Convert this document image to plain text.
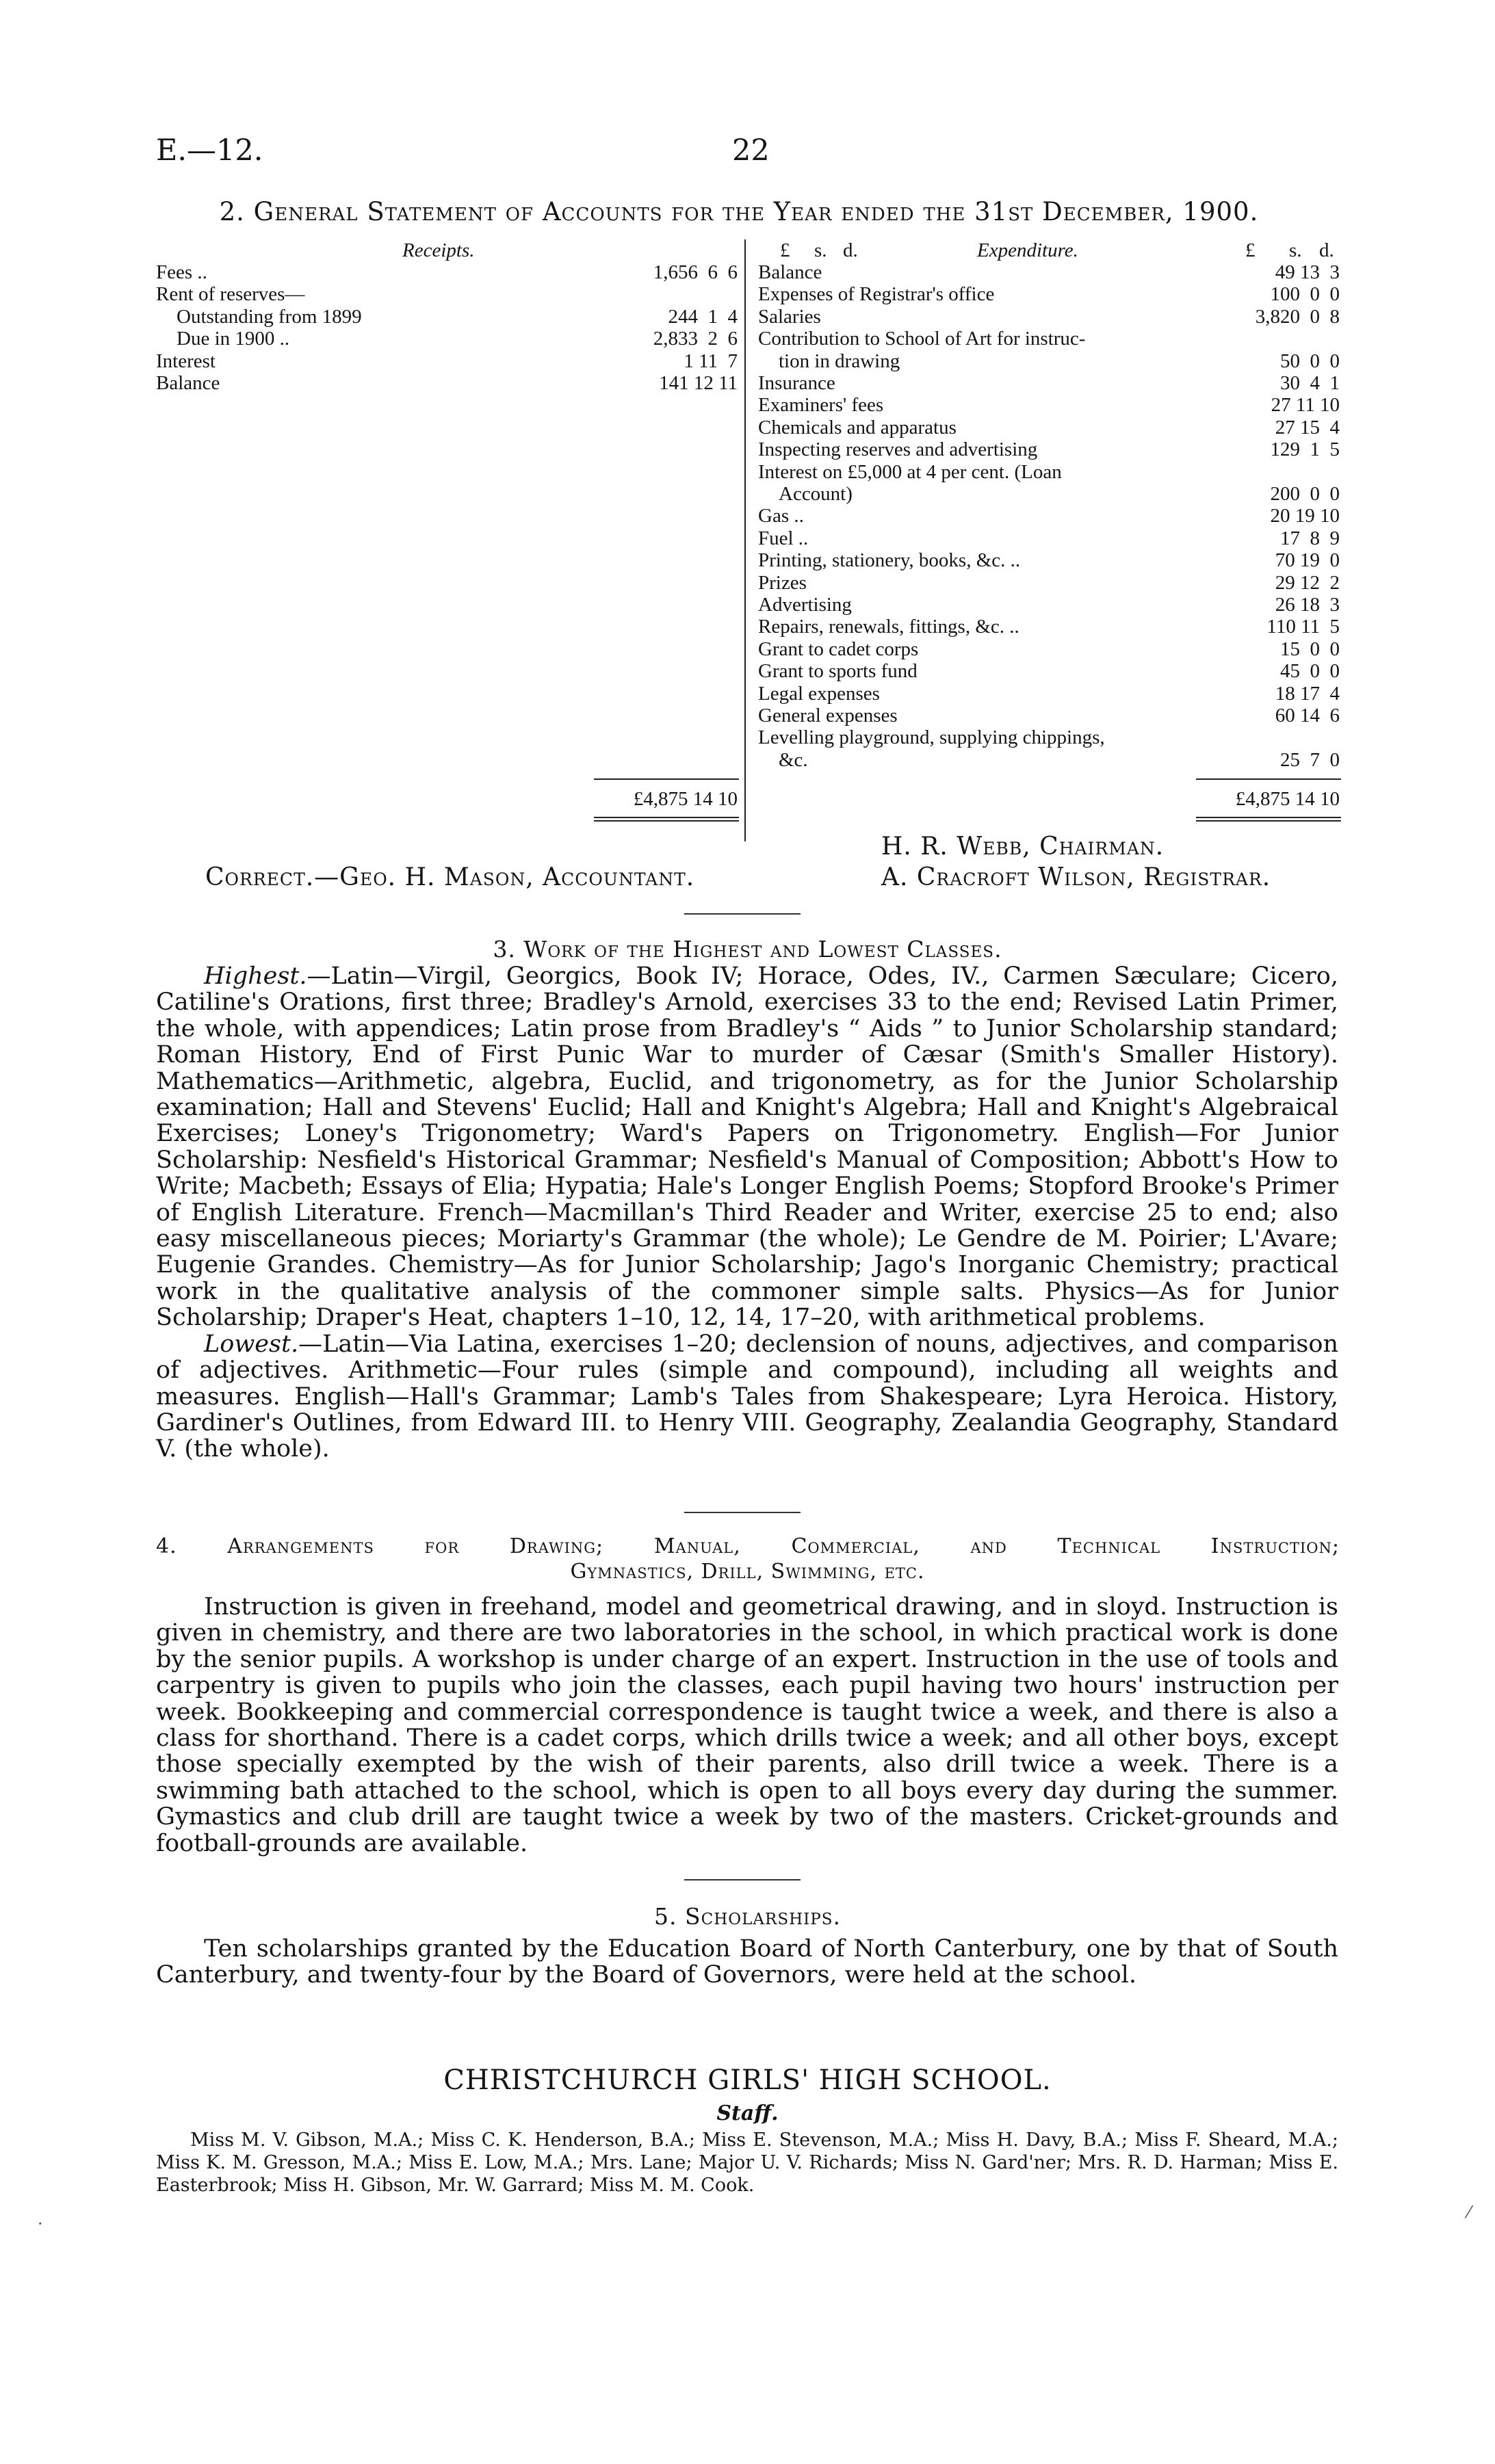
E.—12.	22
2. General Statement of Accounts for the Year ended the 31st December, 1900.
Receipts.	£ s. d.
Fees ..	1,656  6  6
Rent of reserves—
Outstanding from 1899	244  1  4
Due in 1900 ..	2,833  2  6
Interest	1 11  7
Balance	141 12 11
Expenditure.	£ s. d.
Balance	49 13  3
Expenses of Registrar's office	100  0  0
Salaries	3,820  0  8
Contribution to School of Art for instruc-
tion in drawing	50  0  0
Insurance	30  4  1
Examiners' fees	27 11 10
Chemicals and apparatus	27 15  4
Inspecting reserves and advertising	129  1  5
Interest on £5,000 at 4 per cent. (Loan
Account)	200  0  0
Gas ..	20 19 10
Fuel ..	17  8  9
Printing, stationery, books, &c. ..	70 19  0
Prizes	29 12  2
Advertising	26 18  3
Repairs, renewals, fittings, &c. ..	110 11  5
Grant to cadet corps	15  0  0
Grant to sports fund	45  0  0
Legal expenses	18 17  4
General expenses	60 14  6
Levelling playground, supplying chippings,
&c.	25  7  0
£4,875 14 10	£4,875 14 10
Correct.—Geo. H. Mason, Accountant.
H. R. Webb, Chairman.
A. Cracroft Wilson, Registrar.
3. Work of the Highest and Lowest Classes.
Highest.—Latin—Virgil, Georgics, Book IV; Horace, Odes, IV., Carmen Sæculare; Cicero, Catiline's Orations, first three; Bradley's Arnold, exercises 33 to the end; Revised Latin Primer, the whole, with appendices; Latin prose from Bradley's “ Aids ” to Junior Scholarship standard; Roman History, End of First Punic War to murder of Cæsar (Smith's Smaller History). Mathematics—Arithmetic, algebra, Euclid, and trigonometry, as for the Junior Scholarship examination; Hall and Stevens' Euclid; Hall and Knight's Algebra; Hall and Knight's Algebraical Exercises; Loney's Trigonometry; Ward's Papers on Trigonometry. English—For Junior Scholarship: Nesfield's Historical Grammar; Nesfield's Manual of Composition; Abbott's How to Write; Macbeth; Essays of Elia; Hypatia; Hale's Longer English Poems; Stopford Brooke's Primer of English Literature. French—Macmillan's Third Reader and Writer, exercise 25 to end; also easy miscellaneous pieces; Moriarty's Grammar (the whole); Le Gendre de M. Poirier; L'Avare; Eugenie Grandes. Chemistry—As for Junior Scholarship; Jago's Inorganic Chemistry; practical work in the qualitative analysis of the commoner simple salts. Physics—As for Junior Scholarship; Draper's Heat, chapters 1–10, 12, 14, 17–20, with arithmetical problems.
Lowest.—Latin—Via Latina, exercises 1–20; declension of nouns, adjectives, and comparison of adjectives. Arithmetic—Four rules (simple and compound), including all weights and measures. English—Hall's Grammar; Lamb's Tales from Shakespeare; Lyra Heroica. History, Gardiner's Outlines, from Edward III. to Henry VIII. Geography, Zealandia Geography, Standard V. (the whole).
4. Arrangements for Drawing; Manual, Commercial, and Technical Instruction;
Gymnastics, Drill, Swimming, etc.
Instruction is given in freehand, model and geometrical drawing, and in sloyd. Instruction is given in chemistry, and there are two laboratories in the school, in which practical work is done by the senior pupils. A workshop is under charge of an expert. Instruction in the use of tools and carpentry is given to pupils who join the classes, each pupil having two hours' instruction per week. Bookkeeping and commercial correspondence is taught twice a week, and there is also a class for shorthand. There is a cadet corps, which drills twice a week; and all other boys, except those specially exempted by the wish of their parents, also drill twice a week. There is a swimming bath attached to the school, which is open to all boys every day during the summer. Gymastics and club drill are taught twice a week by two of the masters. Cricket-grounds and football-grounds are available.
5. Scholarships.
Ten scholarships granted by the Education Board of North Canterbury, one by that of South Canterbury, and twenty-four by the Board of Governors, were held at the school.
CHRISTCHURCH GIRLS' HIGH SCHOOL.
Staff.
Miss M. V. Gibson, M.A.; Miss C. K. Henderson, B.A.; Miss E. Stevenson, M.A.; Miss H. Davy, B.A.; Miss F. Sheard, M.A.; Miss K. M. Gresson, M.A.; Miss E. Low, M.A.; Mrs. Lane; Major U. V. Richards; Miss N. Gard'ner; Mrs. R. D. Harman; Miss E. Easterbrook; Miss H. Gibson, Mr. W. Garrard; Miss M. M. Cook.
·
⁄
